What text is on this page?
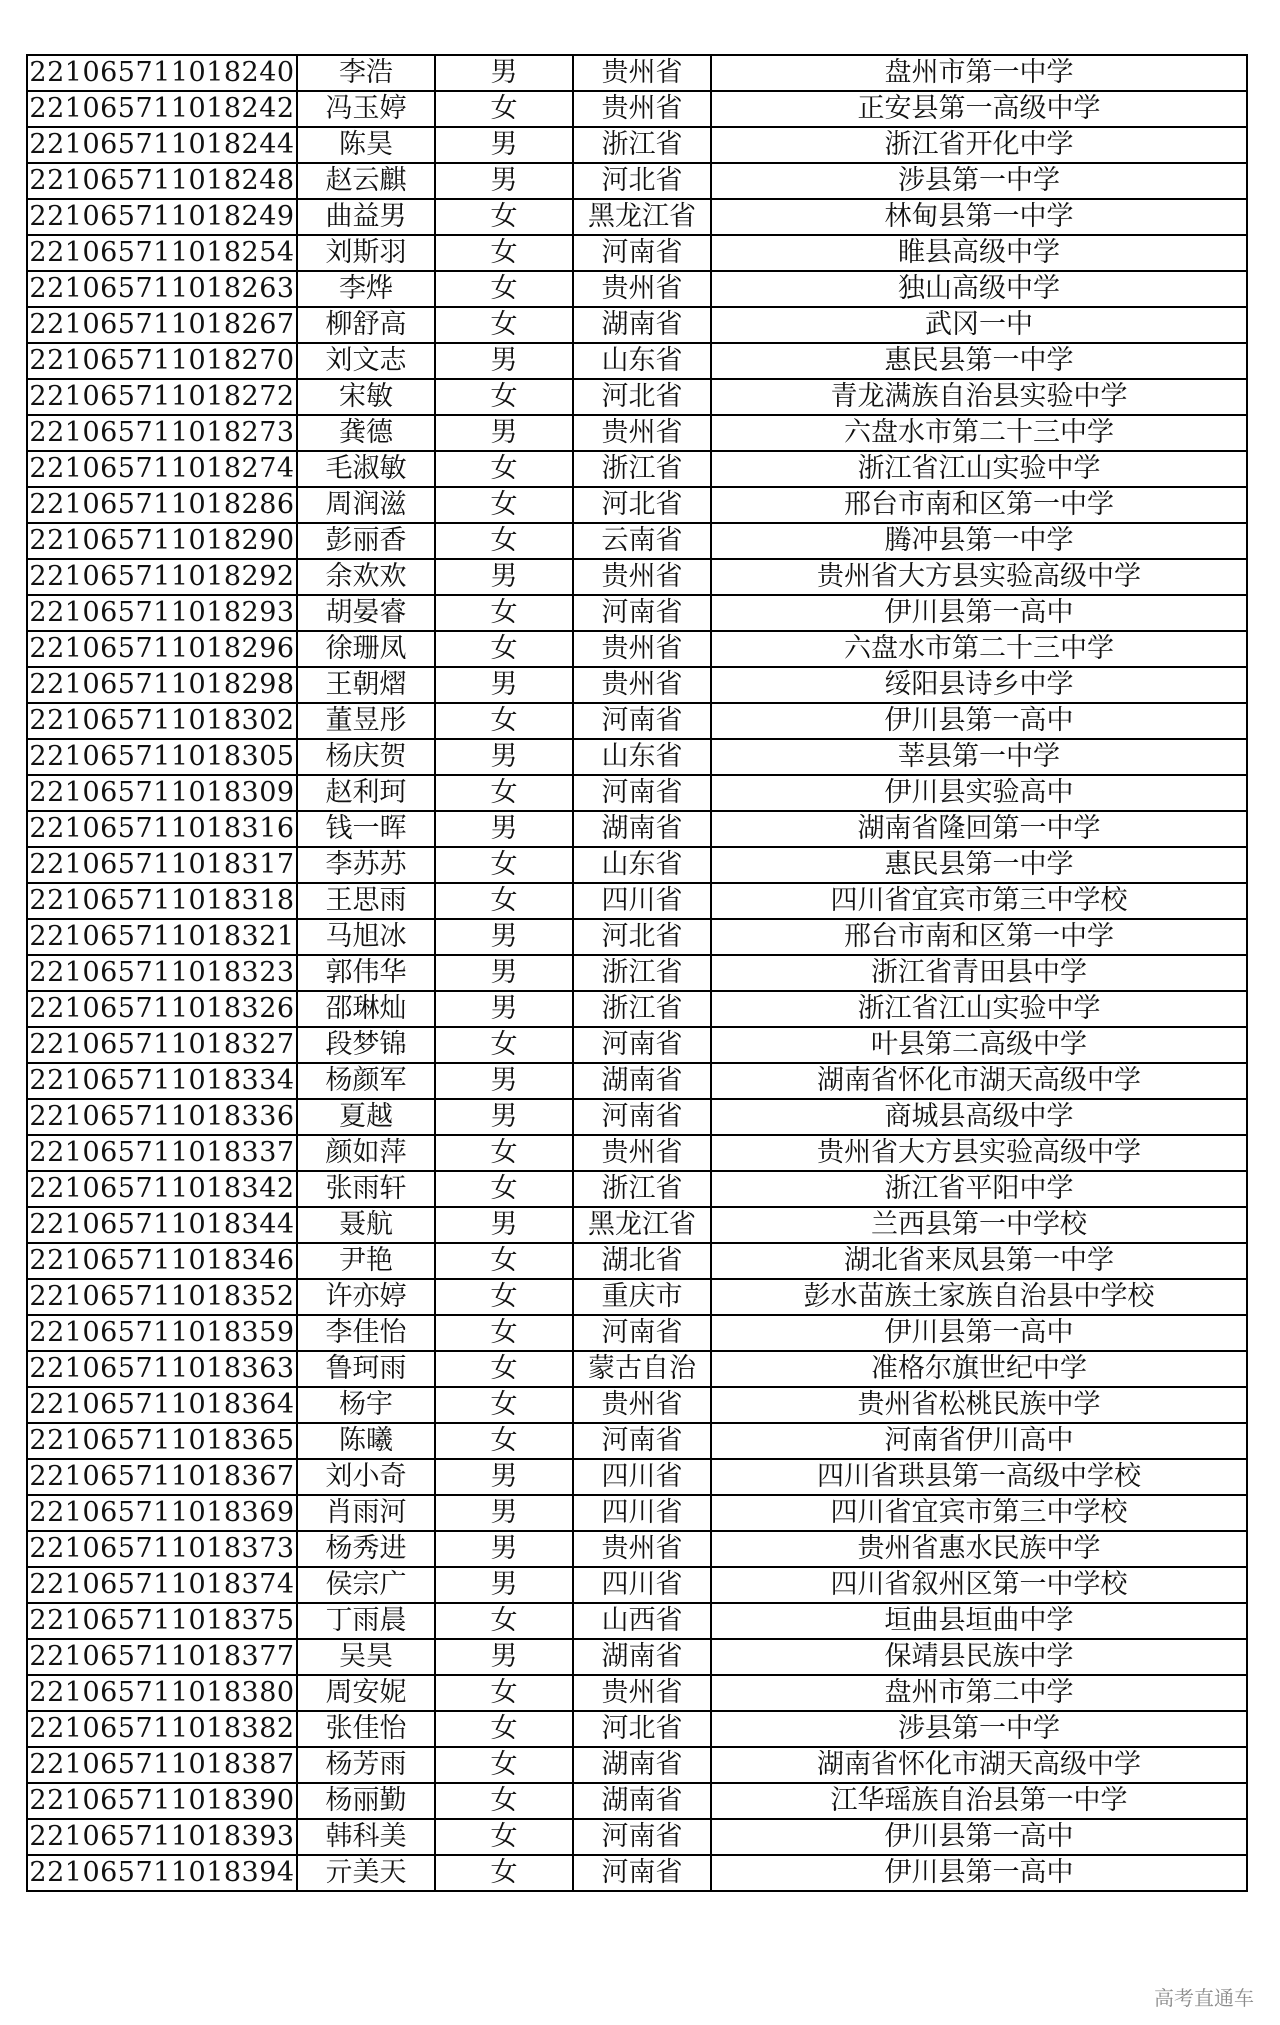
221065711018240	李浩	男	贵州省	盘州市第一中学
221065711018242	冯玉婷	女	贵州省	正安县第一高级中学
221065711018244	陈昊	男	浙江省	浙江省开化中学
221065711018248	赵云麒	男	河北省	涉县第一中学
221065711018249	曲益男	女	黑龙江省	林甸县第一中学
221065711018254	刘斯羽	女	河南省	睢县高级中学
221065711018263	李烨	女	贵州省	独山高级中学
221065711018267	柳舒高	女	湖南省	武冈一中
221065711018270	刘文志	男	山东省	惠民县第一中学
221065711018272	宋敏	女	河北省	青龙满族自治县实验中学
221065711018273	龚德	男	贵州省	六盘水市第二十三中学
221065711018274	毛淑敏	女	浙江省	浙江省江山实验中学
221065711018286	周润滋	女	河北省	邢台市南和区第一中学
221065711018290	彭丽香	女	云南省	腾冲县第一中学
221065711018292	余欢欢	男	贵州省	贵州省大方县实验高级中学
221065711018293	胡晏睿	女	河南省	伊川县第一高中
221065711018296	徐珊凤	女	贵州省	六盘水市第二十三中学
221065711018298	王朝熠	男	贵州省	绥阳县诗乡中学
221065711018302	董昱彤	女	河南省	伊川县第一高中
221065711018305	杨庆贺	男	山东省	莘县第一中学
221065711018309	赵利珂	女	河南省	伊川县实验高中
221065711018316	钱一晖	男	湖南省	湖南省隆回第一中学
221065711018317	李苏苏	女	山东省	惠民县第一中学
221065711018318	王思雨	女	四川省	四川省宜宾市第三中学校
221065711018321	马旭冰	男	河北省	邢台市南和区第一中学
221065711018323	郭伟华	男	浙江省	浙江省青田县中学
221065711018326	邵琳灿	男	浙江省	浙江省江山实验中学
221065711018327	段梦锦	女	河南省	叶县第二高级中学
221065711018334	杨颜军	男	湖南省	湖南省怀化市湖天高级中学
221065711018336	夏越	男	河南省	商城县高级中学
221065711018337	颜如萍	女	贵州省	贵州省大方县实验高级中学
221065711018342	张雨轩	女	浙江省	浙江省平阳中学
221065711018344	聂航	男	黑龙江省	兰西县第一中学校
221065711018346	尹艳	女	湖北省	湖北省来凤县第一中学
221065711018352	许亦婷	女	重庆市	彭水苗族土家族自治县中学校
221065711018359	李佳怡	女	河南省	伊川县第一高中
221065711018363	鲁珂雨	女	蒙古自治	准格尔旗世纪中学
221065711018364	杨宇	女	贵州省	贵州省松桃民族中学
221065711018365	陈曦	女	河南省	河南省伊川高中
221065711018367	刘小奇	男	四川省	四川省珙县第一高级中学校
221065711018369	肖雨河	男	四川省	四川省宜宾市第三中学校
221065711018373	杨秀进	男	贵州省	贵州省惠水民族中学
221065711018374	侯宗广	男	四川省	四川省叙州区第一中学校
221065711018375	丁雨晨	女	山西省	垣曲县垣曲中学
221065711018377	吴昊	男	湖南省	保靖县民族中学
221065711018380	周安妮	女	贵州省	盘州市第二中学
221065711018382	张佳怡	女	河北省	涉县第一中学
221065711018387	杨芳雨	女	湖南省	湖南省怀化市湖天高级中学
221065711018390	杨丽勤	女	湖南省	江华瑶族自治县第一中学
221065711018393	韩科美	女	河南省	伊川县第一高中
221065711018394	亓美天	女	河南省	伊川县第一高中
高考直通车
